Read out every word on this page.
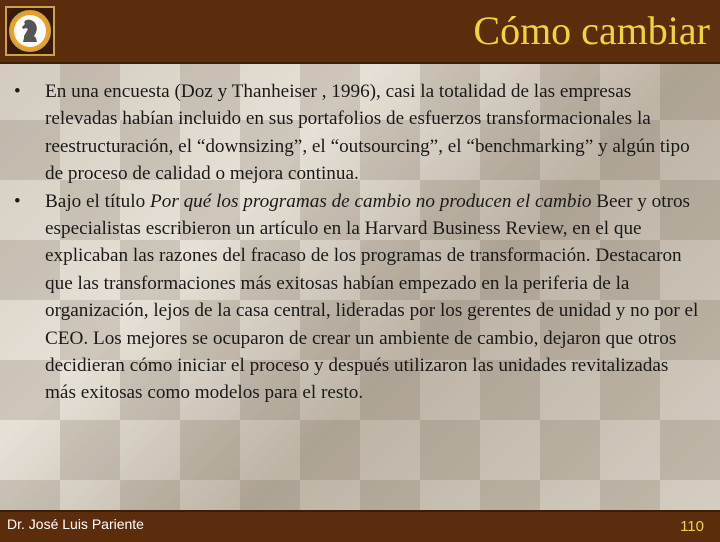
Cómo cambiar

• En una encuesta (Doz y Thanheiser , 1996), casi la totalidad de las empresas relevadas habían incluido en sus portafolios de esfuerzos transformacionales la reestructuración, el “downsizing”, el “outsourcing”, el “benchmarking” y algún tipo de proceso de calidad o mejora continua.

• Bajo el título Por qué los programas de cambio no producen el cambio Beer y otros especialistas escribieron un artículo en la Harvard Business Review, en el que explicaban las razones del fracaso de los programas de transformación. Destacaron que las transformaciones más exitosas habían empezado en la periferia de la organización, lejos de la casa central, lideradas por los gerentes de unidad y no por el CEO. Los mejores se ocuparon de crear un ambiente de cambio, dejaron que otros decidieran cómo iniciar el proceso y después utilizaron las unidades revitalizadas más exitosas como modelos para el resto.

Dr. José Luis Pariente	110
